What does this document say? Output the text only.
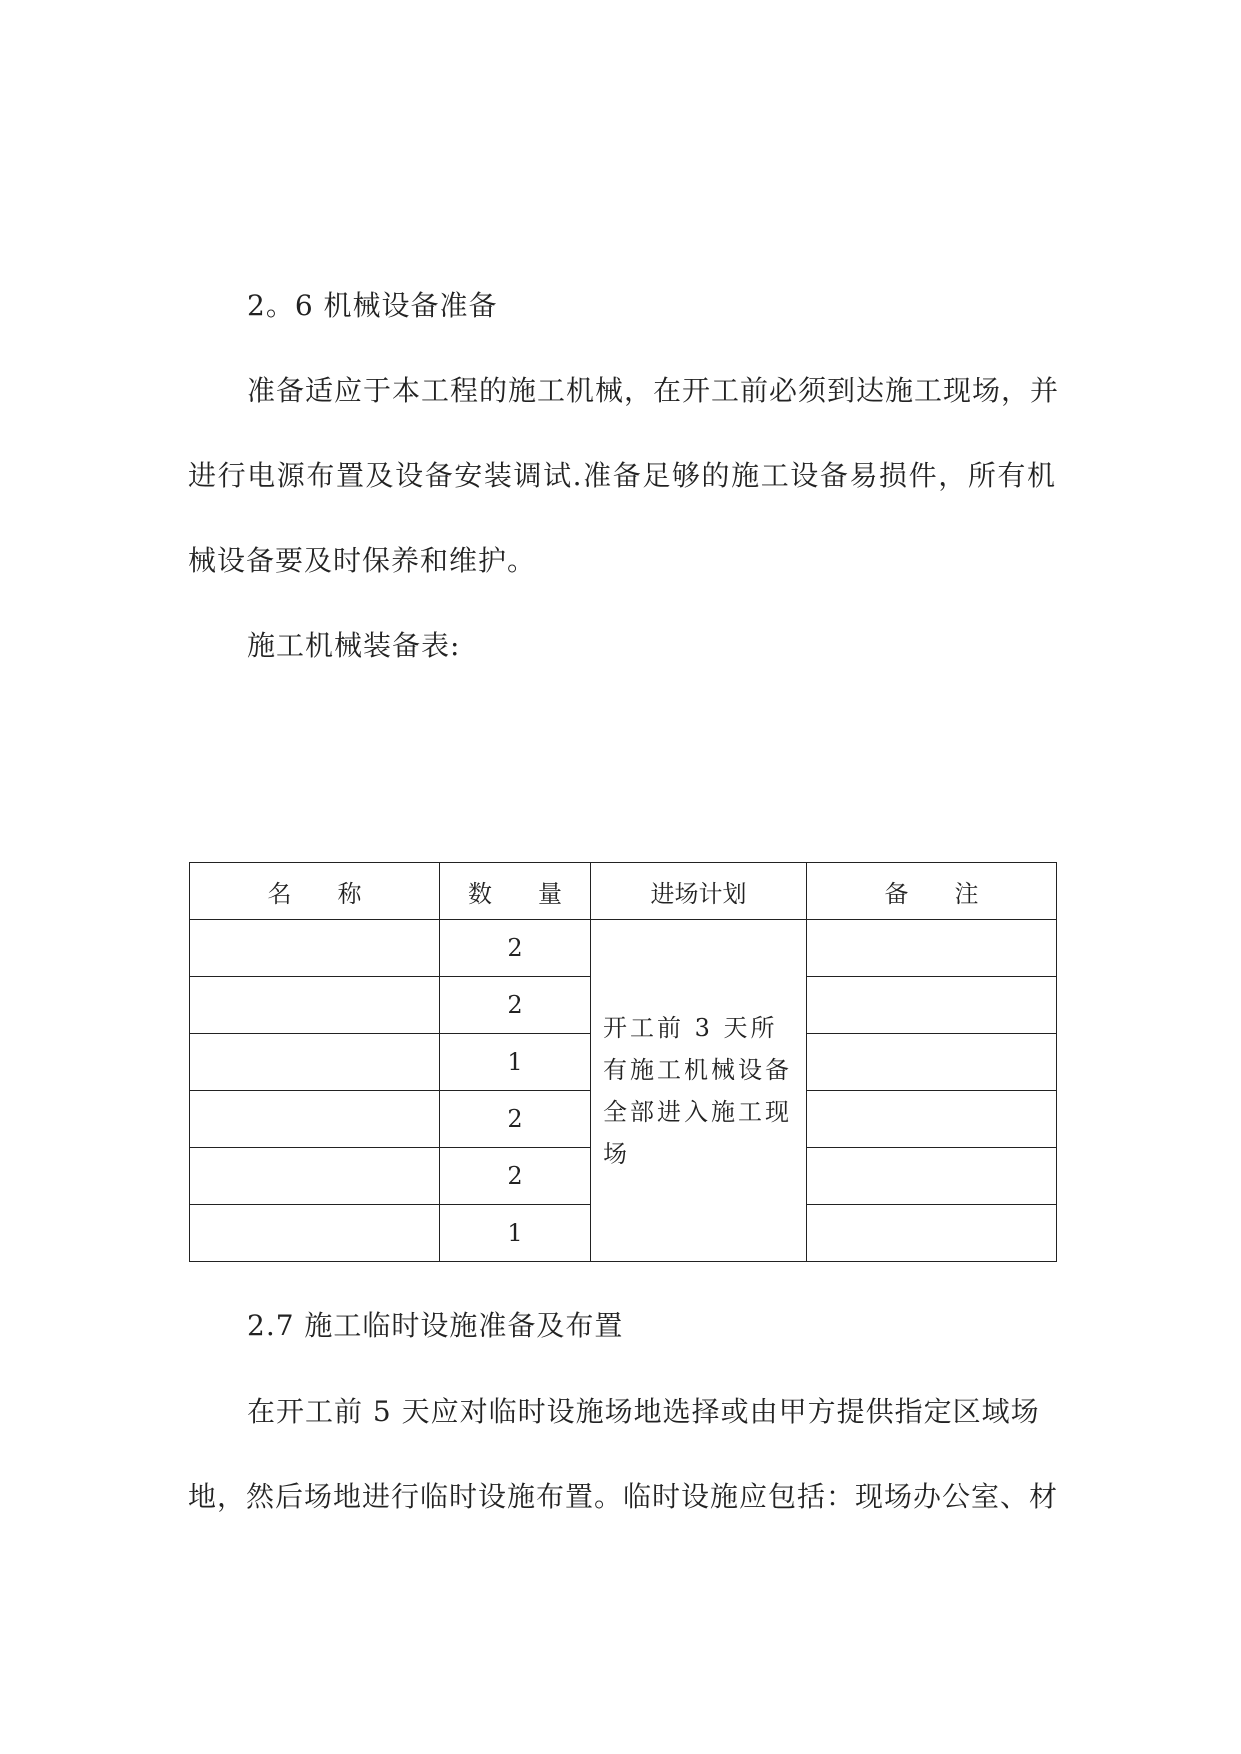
2。6 机械设备准备
准备适应于本工程的施工机械，在开工前必须到达施工现场，并
进行电源布置及设备安装调试.准备足够的施工设备易损件，所有机
械设备要及时保养和维护。
施工机械装备表:
名 称	数 量	进场计划	备 注
	2	开工前 3 天所有施工机械设备全部进入施工现场	
	2		
	1		
	2		
	2		
	1		
2.7 施工临时设施准备及布置
在开工前 5 天应对临时设施场地选择或由甲方提供指定区域场
地，然后场地进行临时设施布置。临时设施应包括：现场办公室、材
